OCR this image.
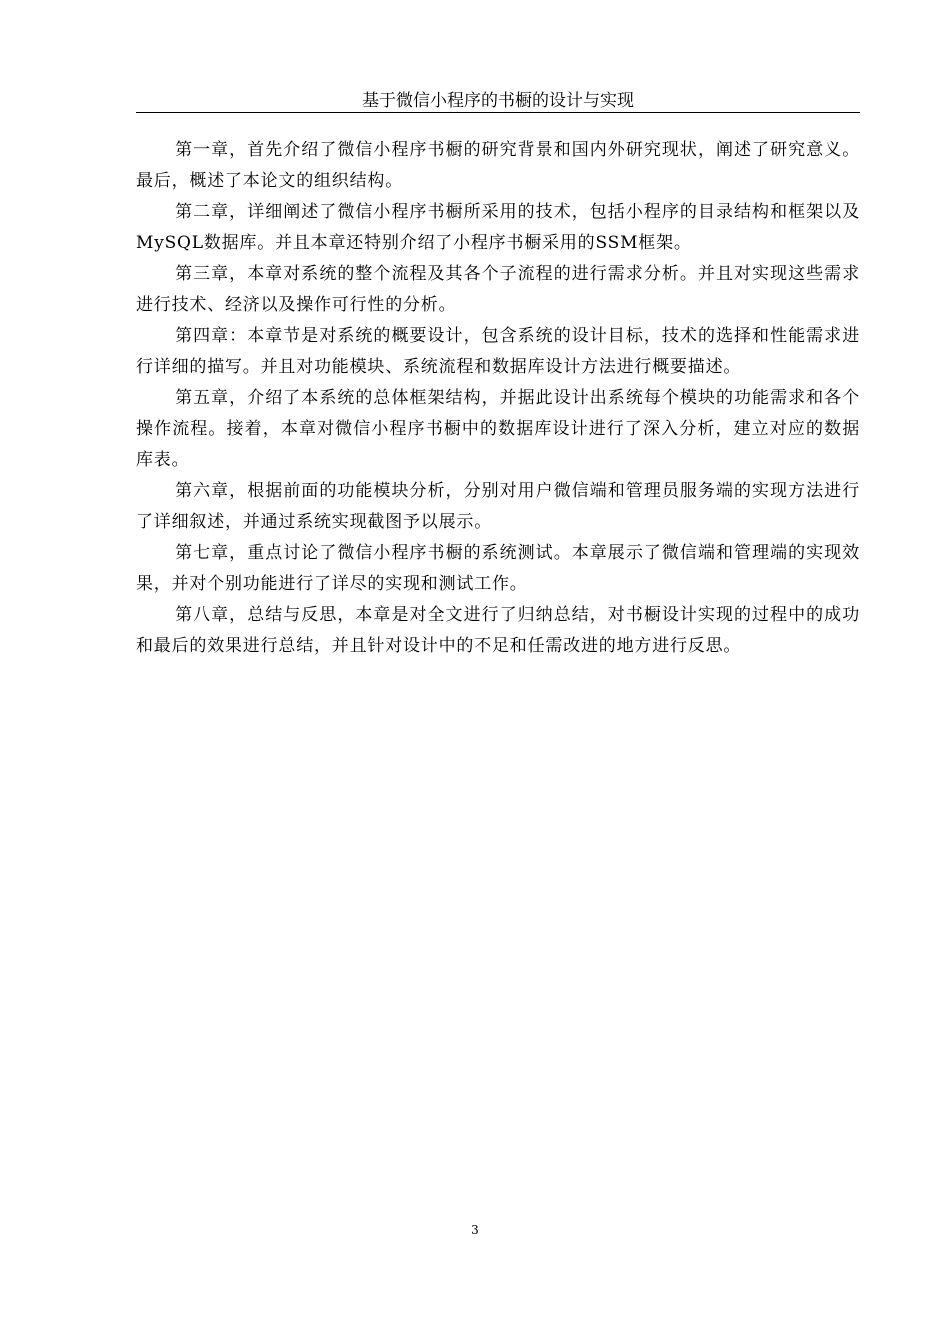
基于微信小程序的书橱的设计与实现

第一章，首先介绍了微信小程序书橱的研究背景和国内外研究现状，阐述了研究意义。最后，概述了本论文的组织结构。

第二章，详细阐述了微信小程序书橱所采用的技术，包括小程序的目录结构和框架以及MySQL数据库。并且本章还特别介绍了小程序书橱采用的SSM框架。

第三章，本章对系统的整个流程及其各个子流程的进行需求分析。并且对实现这些需求进行技术、经济以及操作可行性的分析。

第四章：本章节是对系统的概要设计，包含系统的设计目标，技术的选择和性能需求进行详细的描写。并且对功能模块、系统流程和数据库设计方法进行概要描述。

第五章，介绍了本系统的总体框架结构，并据此设计出系统每个模块的功能需求和各个操作流程。接着，本章对微信小程序书橱中的数据库设计进行了深入分析，建立对应的数据库表。

第六章，根据前面的功能模块分析，分别对用户微信端和管理员服务端的实现方法进行了详细叙述，并通过系统实现截图予以展示。

第七章，重点讨论了微信小程序书橱的系统测试。本章展示了微信端和管理端的实现效果，并对个别功能进行了详尽的实现和测试工作。

第八章，总结与反思，本章是对全文进行了归纳总结，对书橱设计实现的过程中的成功和最后的效果进行总结，并且针对设计中的不足和任需改进的地方进行反思。

3
